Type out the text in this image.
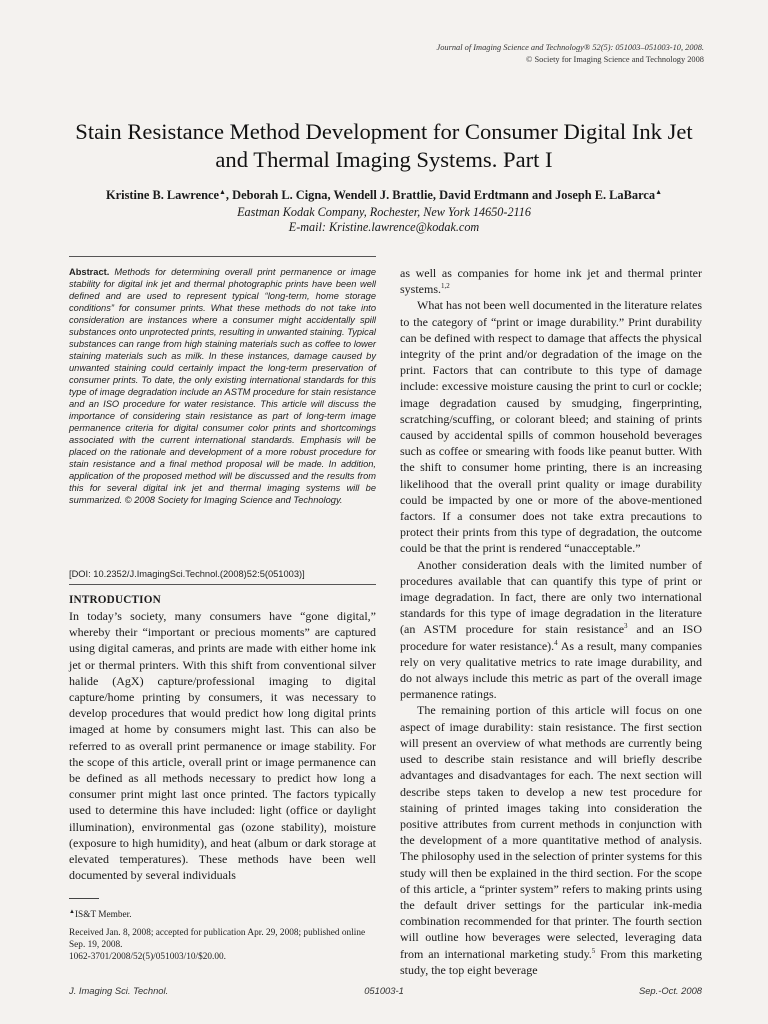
Journal of Imaging Science and Technology® 52(5): 051003–051003-10, 2008.
© Society for Imaging Science and Technology 2008
Stain Resistance Method Development for Consumer Digital Ink Jet and Thermal Imaging Systems. Part I
Kristine B. Lawrence▲, Deborah L. Cigna, Wendell J. Brattlie, David Erdtmann and Joseph E. LaBarca▲
Eastman Kodak Company, Rochester, New York 14650-2116
E-mail: Kristine.lawrence@kodak.com
Abstract. Methods for determining overall print permanence or image stability for digital ink jet and thermal photographic prints have been well defined and are used to represent typical “long-term, home storage conditions” for consumer prints. What these methods do not take into consideration are instances where a consumer might accidentally spill substances onto unprotected prints, resulting in unwanted staining. Typical substances can range from high staining materials such as coffee to lower staining materials such as milk. In these instances, damage caused by unwanted staining could certainly impact the long-term preservation of consumer prints. To date, the only existing international standards for this type of image degradation include an ASTM procedure for stain resistance and an ISO procedure for water resistance. This article will discuss the importance of considering stain resistance as part of long-term image permanence criteria for digital consumer color prints and shortcomings associated with the current international standards. Emphasis will be placed on the rationale and development of a more robust procedure for stain resistance and a final method proposal will be made. In addition, application of the proposed method will be discussed and the results from this for several digital ink jet and thermal imaging systems will be summarized. © 2008 Society for Imaging Science and Technology.
[DOI: 10.2352/J.ImagingSci.Technol.(2008)52:5(051003)]
INTRODUCTION

In today’s society, many consumers have “gone digital,” whereby their “important or precious moments” are captured using digital cameras, and prints are made with either home ink jet or thermal printers. With this shift from conventional silver halide (AgX) capture/professional imaging to digital capture/home printing by consumers, it was necessary to develop procedures that would predict how long digital prints imaged at home by consumers might last. This can also be referred to as overall print permanence or image stability. For the scope of this article, overall print or image permanence can be defined as all methods necessary to predict how long a consumer print might last once printed. The factors typically used to determine this have included: light (office or daylight illumination), environmental gas (ozone stability), moisture (exposure to high humidity), and heat (album or dark storage at elevated temperatures). These methods have been well documented by several individuals

as well as companies for home ink jet and thermal printer systems.$^{1,2}$

What has not been well documented in the literature relates to the category of “print or image durability.” Print durability can be defined with respect to damage that affects the physical integrity of the print and/or degradation of the image on the print. Factors that can contribute to this type of damage include: excessive moisture causing the print to curl or cockle; image degradation caused by smudging, fingerprinting, scratching/scuffing, or colorant bleed; and staining of prints caused by accidental spills of common household beverages such as coffee or smearing with foods like peanut butter. With the shift to consumer home printing, there is an increasing likelihood that the overall print quality or image durability could be impacted by one or more of the above-mentioned factors. If a consumer does not take extra precautions to protect their prints from this type of degradation, the outcome could be that the print is rendered “unacceptable.”

Another consideration deals with the limited number of procedures available that can quantify this type of print or image degradation. In fact, there are only two international standards for this type of image degradation in the literature (an ASTM procedure for stain resistance$^3$ and an ISO procedure for water resistance).$^4$ As a result, many companies rely on very qualitative metrics to rate image durability, and do not always include this metric as part of the overall image permanence ratings.

The remaining portion of this article will focus on one aspect of image durability: stain resistance. The first section will present an overview of what methods are currently being used to describe stain resistance and will briefly describe advantages and disadvantages for each. The next section will describe steps taken to develop a new test procedure for staining of printed images taking into consideration the positive attributes from current methods in conjunction with the development of a more quantitative method of analysis. The philosophy used in the selection of printer systems for this study will then be explained in the third section. For the scope of this article, a “printer system” refers to making prints using the default driver settings for the particular ink-media combination recommended for that printer. The fourth section will outline how beverages were selected, leveraging data from an international marketing study.$^5$ From this marketing study, the top eight beverage

▲IS&T Member.

Received Jan. 8, 2008; accepted for publication Apr. 29, 2008; published online Sep. 19, 2008.

1062-3701/2008/52(5)/051003/10/$20.00.

J. Imaging Sci. Technol.	051003-1	Sep.-Oct. 2008
